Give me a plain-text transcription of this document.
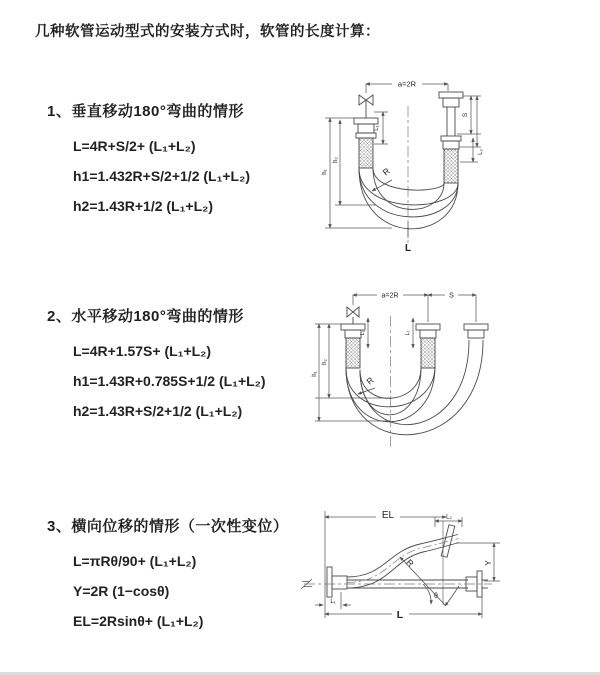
几种软管运动型式的安装方式时，软管的长度计算：
1、垂直移动180°弯曲的情形
L=4R+S/2+ (L₁+L₂)
h1=1.432R+S/2+1/2 (L₁+L₂)
h2=1.43R+1/2 (L₁+L₂)
2、水平移动180°弯曲的情形
L=4R+1.57S+ (L₁+L₂)
h1=1.43R+0.785S+1/2 (L₁+L₂)
h2=1.43R+S/2+1/2 (L₁+L₂)
3、横向位移的情形（一次性变位）
L=πRθ/90+ (L₁+L₂)
Y=2R (1−cosθ)
EL=2Rsinθ+ (L₁+L₂)
a=2R
L
R
L₁
h₁
h₂
S
L₂
a=2R	S
L₁	L₁
h₁
h₂
R
EL	L₂
Y
R
θ
L
L₁
